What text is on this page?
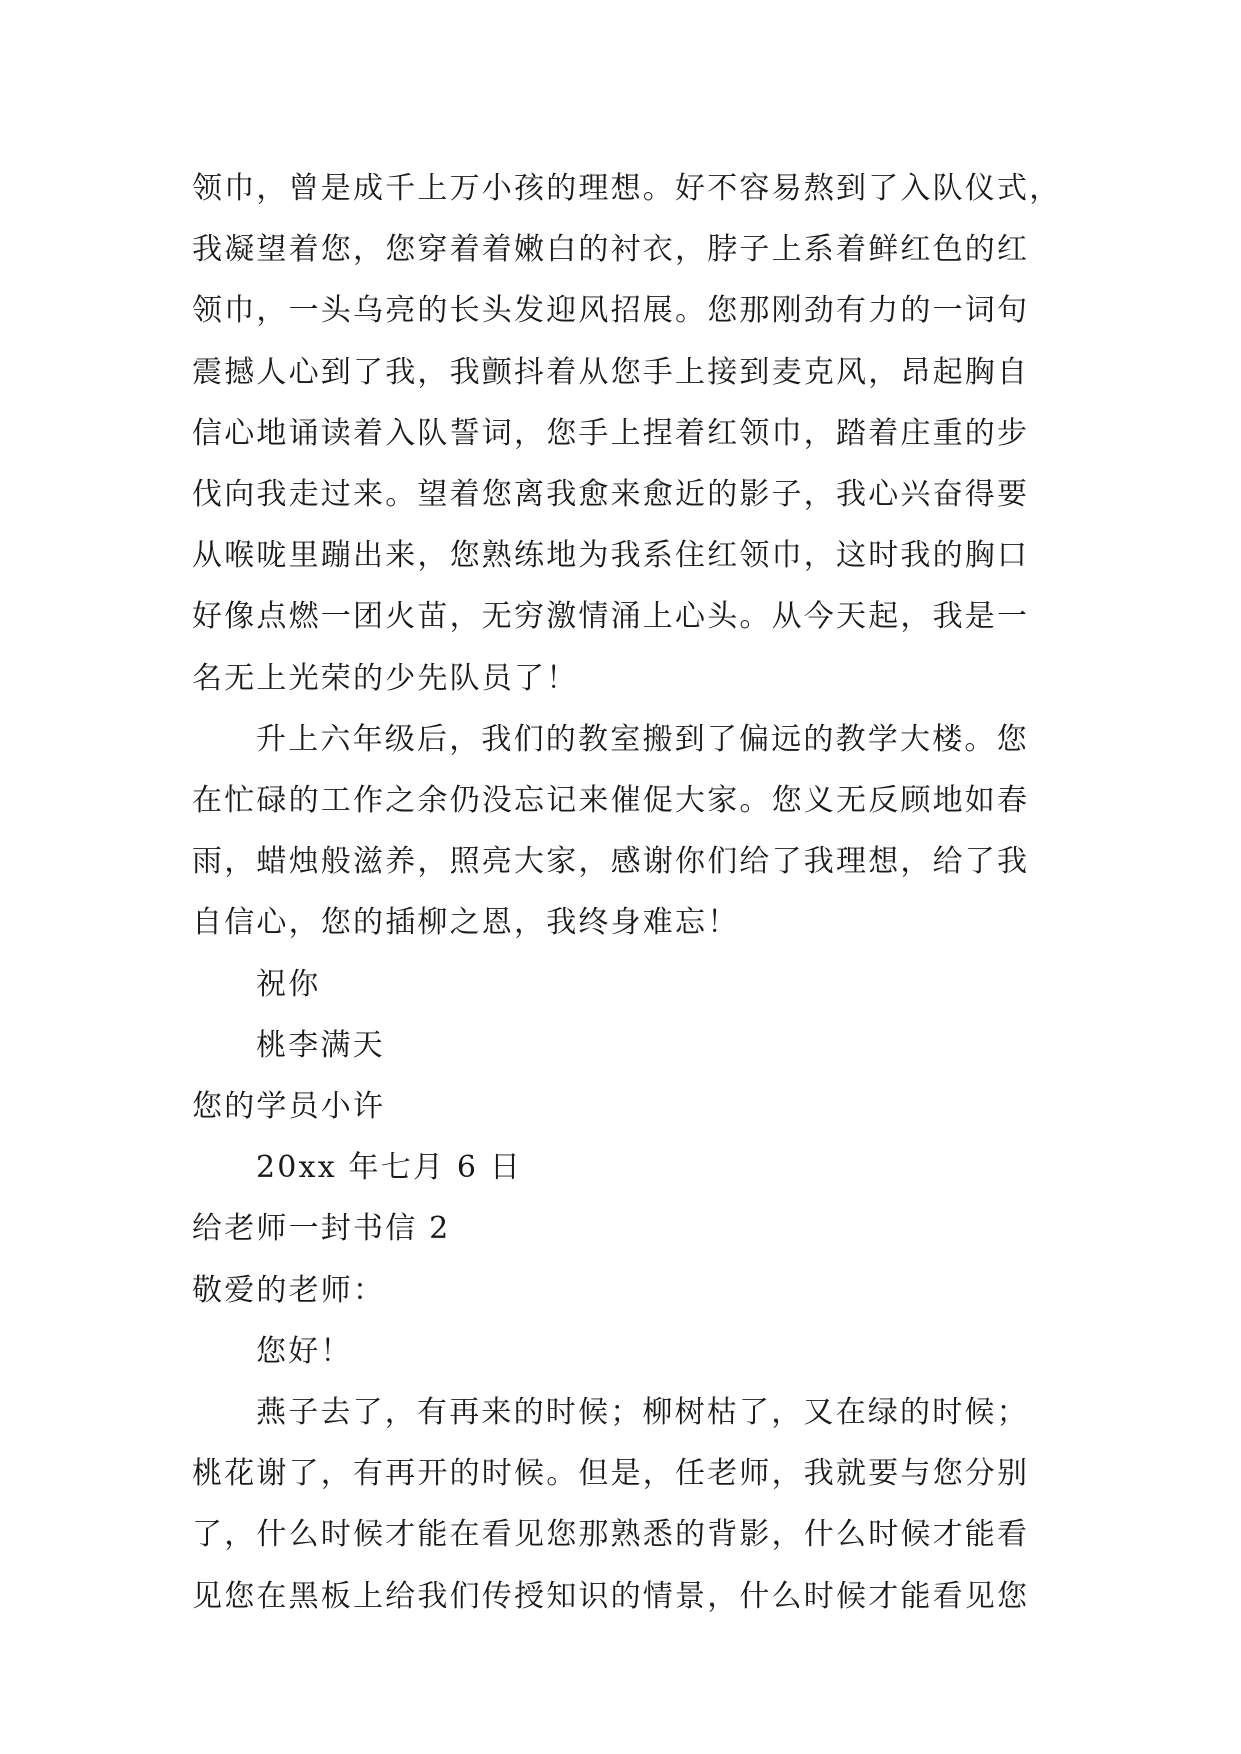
领巾，曾是成千上万小孩的理想。好不容易熬到了入队仪式，
我凝望着您，您穿着着嫩白的衬衣，脖子上系着鲜红色的红
领巾，一头乌亮的长头发迎风招展。您那刚劲有力的一词句
震撼人心到了我，我颤抖着从您手上接到麦克风，昂起胸自
信心地诵读着入队誓词，您手上捏着红领巾，踏着庄重的步
伐向我走过来。望着您离我愈来愈近的影子，我心兴奋得要
从喉咙里蹦出来，您熟练地为我系住红领巾，这时我的胸口
好像点燃一团火苗，无穷激情涌上心头。从今天起，我是一
名无上光荣的少先队员了！
升上六年级后，我们的教室搬到了偏远的教学大楼。您
在忙碌的工作之余仍没忘记来催促大家。您义无反顾地如春
雨，蜡烛般滋养，照亮大家，感谢你们给了我理想，给了我
自信心，您的插柳之恩，我终身难忘！
祝你
桃李满天
您的学员小许
20xx 年七月 6 日
给老师一封书信 2
敬爱的老师：
您好！
燕子去了，有再来的时候；柳树枯了，又在绿的时候；
桃花谢了，有再开的时候。但是，任老师，我就要与您分别
了，什么时候才能在看见您那熟悉的背影，什么时候才能看
见您在黑板上给我们传授知识的情景，什么时候才能看见您
